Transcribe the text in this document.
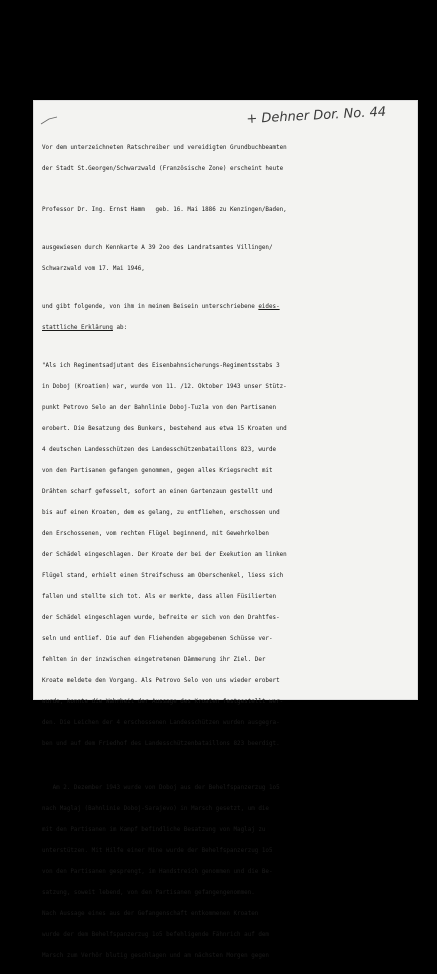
+ Dehner Dor. No. 44

Vor dem unterzeichneten Ratschreiber und vereidigten Grundbuchbeamten

der Stadt St.Georgen/Schwarzwald (Französische Zone) erscheint heute

Professor Dr. Ing. Ernst Hamm   geb. 16. Mai 1886 zu Kenzingen/Baden,

ausgewiesen durch Kennkarte A 39 2oo des Landratsamtes Villingen/

Schwarzwald vom 17. Mai 1946,

und gibt folgende, von ihm in meinem Beisein unterschriebene eides-

stattliche Erklärung ab:

"Als ich Regimentsadjutant des Eisenbahnsicherungs-Regimentsstabs 3

in Doboj (Kroatien) war, wurde von 11. /12. Oktober 1943 unser Stütz-

punkt Petrovo Selo an der Bahnlinie Doboj-Tuzla von den Partisanen

erobert. Die Besatzung des Bunkers, bestehend aus etwa 15 Kroaten und

4 deutschen Landesschützen des Landesschützenbataillons 823, wurde

von den Partisanen gefangen genommen, gegen alles Kriegsrecht mit

Drähten scharf gefesselt, sofort an einen Gartenzaun gestellt und

bis auf einen Kroaten, dem es gelang, zu entfliehen, erschossen und

den Erschossenen, vom rechten Flügel beginnend, mit Gewehrkolben

der Schädel eingeschlagen. Der Kroate der bei der Exekution am linken

Flügel stand, erhielt einen Streifschuss am Oberschenkel, liess sich

fallen und stellte sich tot. Als er merkte, dass allen Füsilierten

der Schädel eingeschlagen wurde, befreite er sich von den Drahtfes-

seln und entlief. Die auf den Fliehenden abgegebenen Schüsse ver-

fehlten in der inzwischen eingetretenen Dämmerung ihr Ziel. Der

Kroate meldete den Vorgang. Als Petrovo Selo von uns wieder erobert

wurde, konnte die Wahrheit der Aussage des Kroaten festgestellt wer-

den. Die Leichen der 4 erschossenen Landesschützen wurden ausgegra-

ben und auf dem Friedhof des Landesschützenbataillons 823 beerdigt.

Am 2. Dezember 1943 wurde von Doboj aus der Behelfspanzerzug 1o5

nach Maglaj (Bahnlinie Doboj-Sarajevo) in Marsch gesetzt, um die

mit den Partisanen im Kampf befindliche Besatzung von Maglaj zu

unterstützen. Mit Hilfe einer Mine wurde der Behelfspanzerzug 1o5

von den Partisanen gesprengt, im Handstreich genommen und die Be-

satzung, soweit lebend, von den Partisanen gefangengenommen.

Nach Aussage eines aus der Gefangenschaft entkommenen Kroaten

wurde der dem Behelfspanzerzug 1o5 befehligende Fähnrich auf dem

Marsch zum Verhör blutig geschlagen und am nächsten Morgen gegen
